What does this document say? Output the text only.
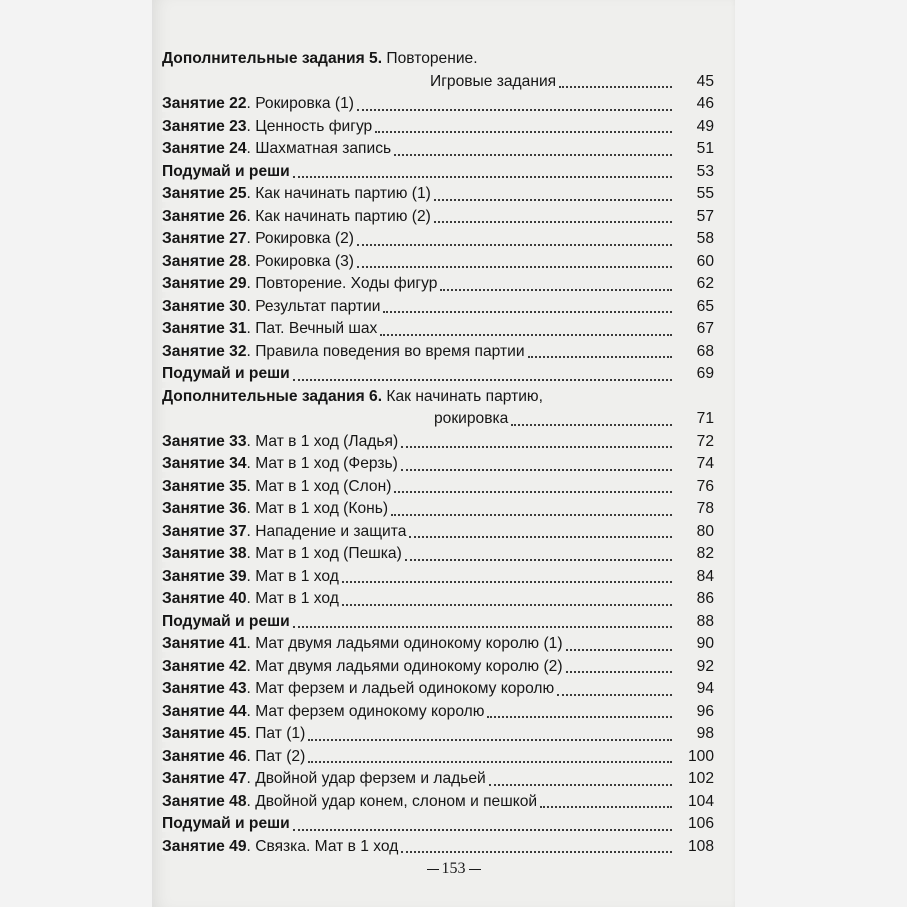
Дополнительные задания 5. Повторение.
Игровые задания	45
Занятие 22. Рокировка (1)	46
Занятие 23. Ценность фигур	49
Занятие 24. Шахматная запись	51
Подумай и реши	53
Занятие 25. Как начинать партию (1)	55
Занятие 26. Как начинать партию (2)	57
Занятие 27. Рокировка (2)	58
Занятие 28. Рокировка (3)	60
Занятие 29. Повторение. Ходы фигур	62
Занятие 30. Результат партии	65
Занятие 31. Пат. Вечный шах	67
Занятие 32. Правила поведения во время партии	68
Подумай и реши	69
Дополнительные задания 6. Как начинать партию,
рокировка	71
Занятие 33. Мат в 1 ход (Ладья)	72
Занятие 34. Мат в 1 ход (Ферзь)	74
Занятие 35. Мат в 1 ход (Слон)	76
Занятие 36. Мат в 1 ход (Конь)	78
Занятие 37. Нападение и защита	80
Занятие 38. Мат в 1 ход (Пешка)	82
Занятие 39. Мат в 1 ход	84
Занятие 40. Мат в 1 ход	86
Подумай и реши	88
Занятие 41. Мат двумя ладьями одинокому королю (1)	90
Занятие 42. Мат двумя ладьями одинокому королю (2)	92
Занятие 43. Мат ферзем и ладьей одинокому королю	94
Занятие 44. Мат ферзем одинокому королю	96
Занятие 45. Пат (1)	98
Занятие 46. Пат (2)	100
Занятие 47. Двойной удар ферзем и ладьей	102
Занятие 48. Двойной удар конем, слоном и пешкой	104
Подумай и реши	106
Занятие 49. Связка. Мат в 1 ход	108
153
